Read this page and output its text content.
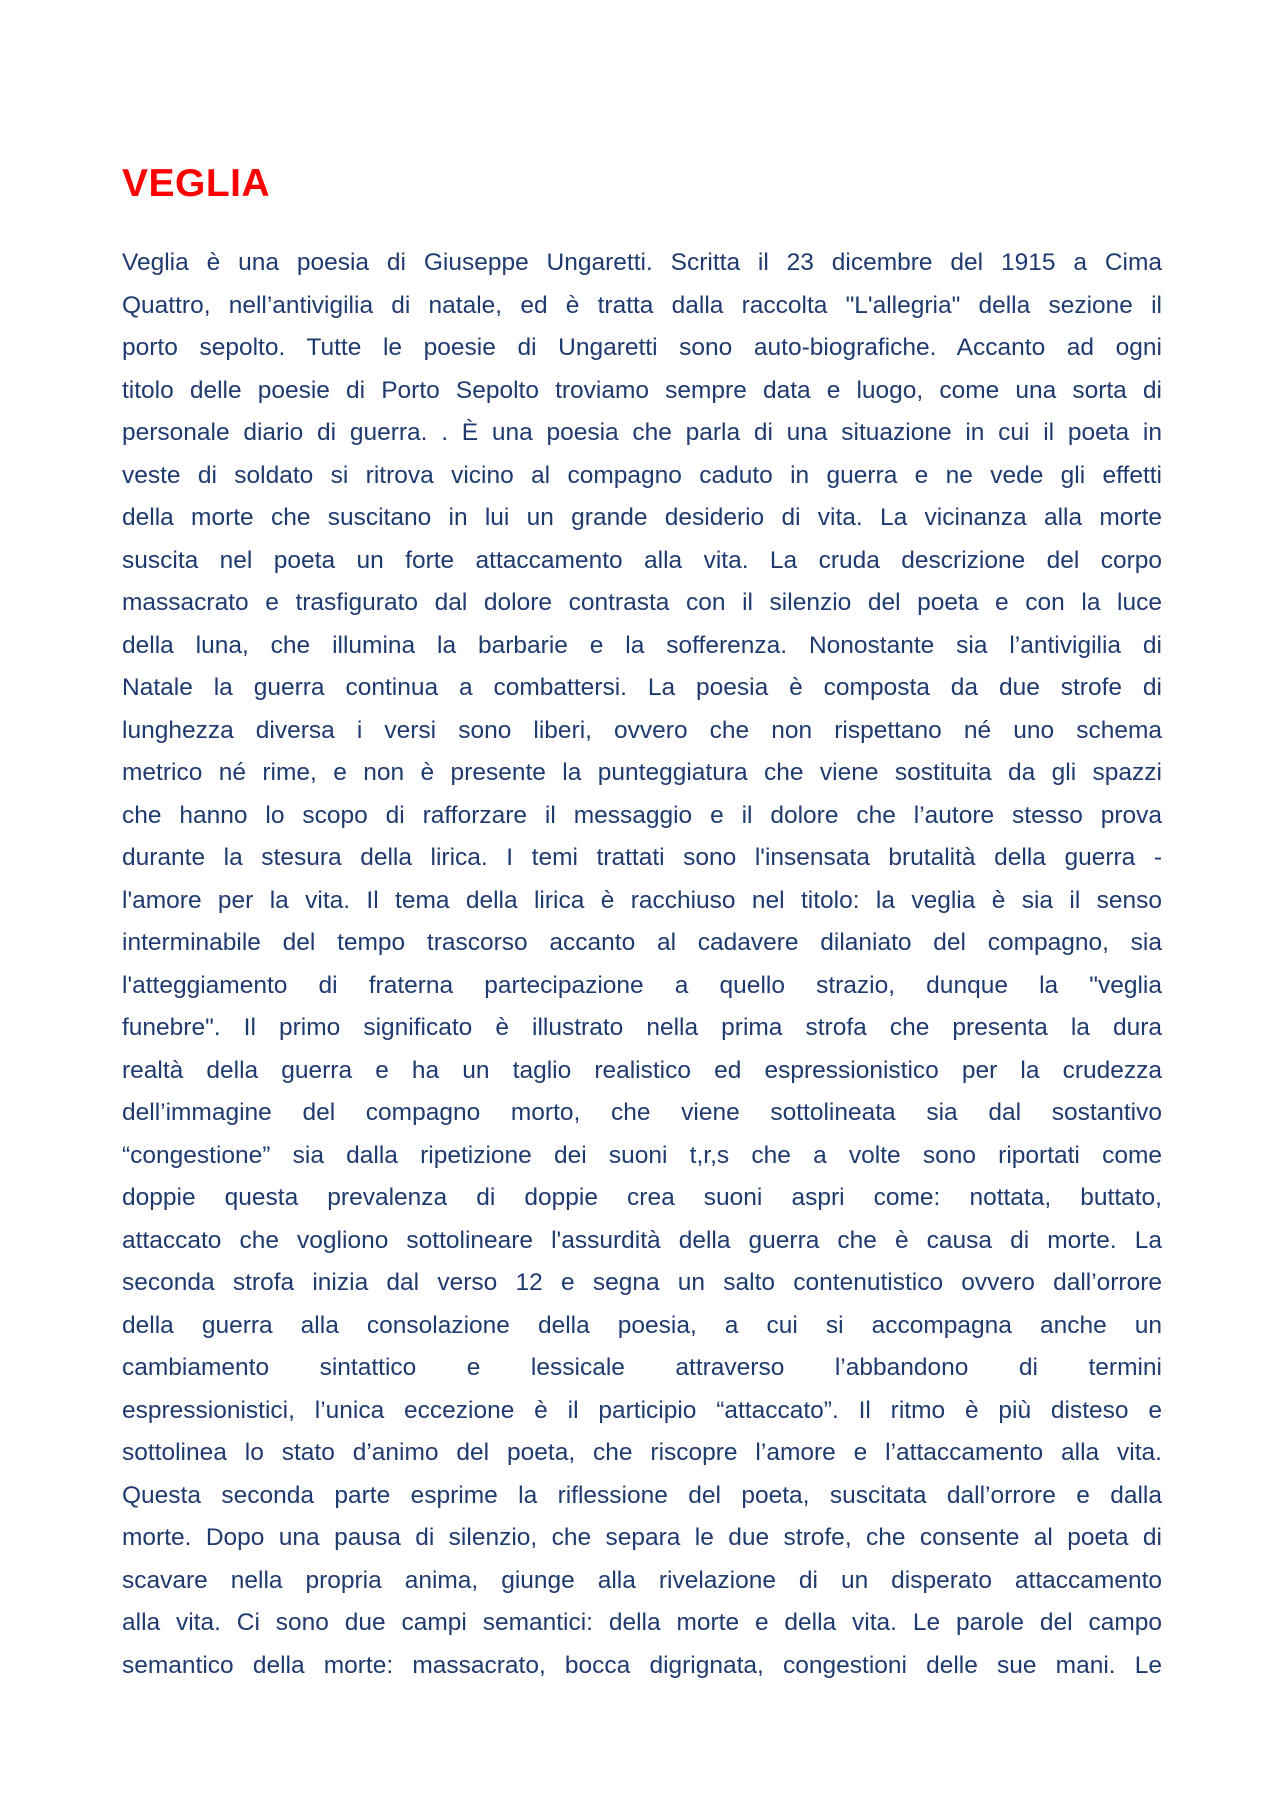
VEGLIA
Veglia è una poesia di Giuseppe Ungaretti. Scritta il 23 dicembre del 1915 a Cima
Quattro, nell’antivigilia di natale, ed è tratta dalla raccolta "L'allegria" della sezione il
porto sepolto. Tutte le poesie di Ungaretti sono auto-biografiche. Accanto ad ogni
titolo delle poesie di Porto Sepolto troviamo sempre data e luogo, come una sorta di
personale diario di guerra. . È una poesia che parla di una situazione in cui il poeta in
veste di soldato si ritrova vicino al compagno caduto in guerra e ne vede gli effetti
della morte che suscitano in lui un grande desiderio di vita. La vicinanza alla morte
suscita nel poeta un forte attaccamento alla vita. La cruda descrizione del corpo
massacrato e trasfigurato dal dolore contrasta con il silenzio del poeta e con la luce
della luna, che illumina la barbarie e la sofferenza. Nonostante sia l’antivigilia di
Natale la guerra continua a combattersi. La poesia è composta da due strofe di
lunghezza diversa i versi sono liberi, ovvero che non rispettano né uno schema
metrico né rime, e non è presente la punteggiatura che viene sostituita da gli spazzi
che hanno lo scopo di rafforzare il messaggio e il dolore che l’autore stesso prova
durante la stesura della lirica. I temi trattati sono l'insensata brutalità della guerra -
l'amore per la vita. Il tema della lirica è racchiuso nel titolo: la veglia è sia il senso
interminabile del tempo trascorso accanto al cadavere dilaniato del compagno, sia
l'atteggiamento di fraterna partecipazione a quello strazio, dunque la "veglia
funebre". Il primo significato è illustrato nella prima strofa che presenta la dura
realtà della guerra e ha un taglio realistico ed espressionistico per la crudezza
dell’immagine del compagno morto, che viene sottolineata sia dal sostantivo
“congestione” sia dalla ripetizione dei suoni t,r,s che a volte sono riportati come
doppie questa prevalenza di doppie crea suoni aspri come: nottata, buttato,
attaccato che vogliono sottolineare l'assurdità della guerra che è causa di morte. La
seconda strofa inizia dal verso 12 e segna un salto contenutistico ovvero dall’orrore
della guerra alla consolazione della poesia, a cui si accompagna anche un
cambiamento sintattico e lessicale attraverso l’abbandono di termini
espressionistici, l’unica eccezione è il participio “attaccato”. Il ritmo è più disteso e
sottolinea lo stato d’animo del poeta, che riscopre l’amore e l’attaccamento alla vita.
Questa seconda parte esprime la riflessione del poeta, suscitata dall’orrore e dalla
morte. Dopo una pausa di silenzio, che separa le due strofe, che consente al poeta di
scavare nella propria anima, giunge alla rivelazione di un disperato attaccamento
alla vita. Ci sono due campi semantici: della morte e della vita. Le parole del campo
semantico della morte: massacrato, bocca digrignata, congestioni delle sue mani. Le
